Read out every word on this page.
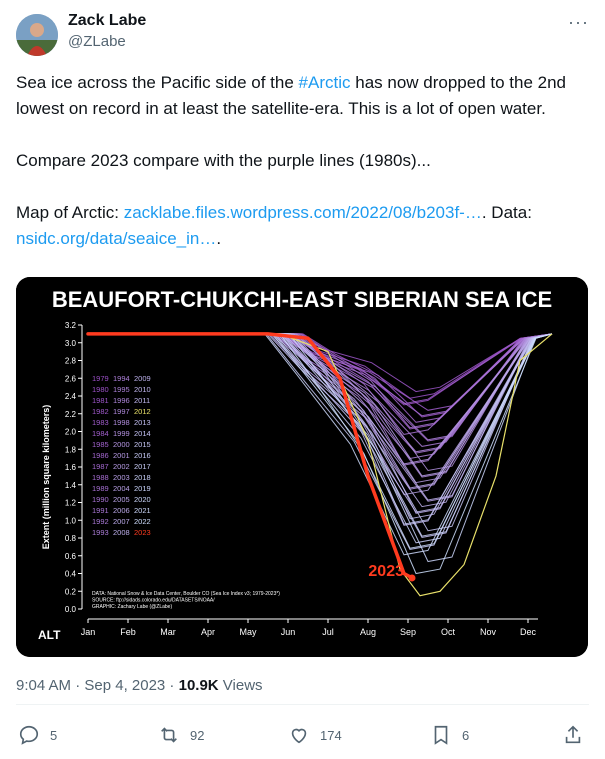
Zack Labe
@ZLabe
···

Sea ice across the Pacific side of the #Arctic has now dropped to the 2nd lowest on record in at least the satellite-era. This is a lot of open water.

Compare 2023 compare with the purple lines (1980s)...

Map of Arctic: zacklabe.files.wordpress.com/2022/08/b203f-…. Data:
nsidc.org/data/seaice_in….

BEAUFORT-CHUKCHI-EAST SIBERIAN SEA ICE
Extent (million square kilometers)
ALT
0.0
0.2
0.4
0.6
0.8
1.0
1.2
1.4
1.6
1.8
2.0
2.2
2.4
2.6
2.8
3.0
3.2
Jan	Feb	Mar	Apr	May	Jun	Jul	Aug	Sep	Oct	Nov	Dec
1979
1980
1981
1982
1983
1984
1985
1986
1987
1988
1989
1990
1991
1992
1993
1994
1995
1996
1997
1998
1999
2000
2001
2002
2003
2004
2005
2006
2007
2008
2009
2010
2011
2012
2013
2014
2015
2016
2017
2018
2019
2020
2021
2022
2023
DATA: National Snow & Ice Data Center, Boulder CO (Sea Ice Index v3; 1979-2023*)
SOURCE: ftp://sidads.colorado.edu/DATASETS/NOAA/
GRAPHIC: Zachary Labe (@ZLabe)
2023
9:04 AM · Sep 4, 2023 · 10.9K Views
5	92	174	6
